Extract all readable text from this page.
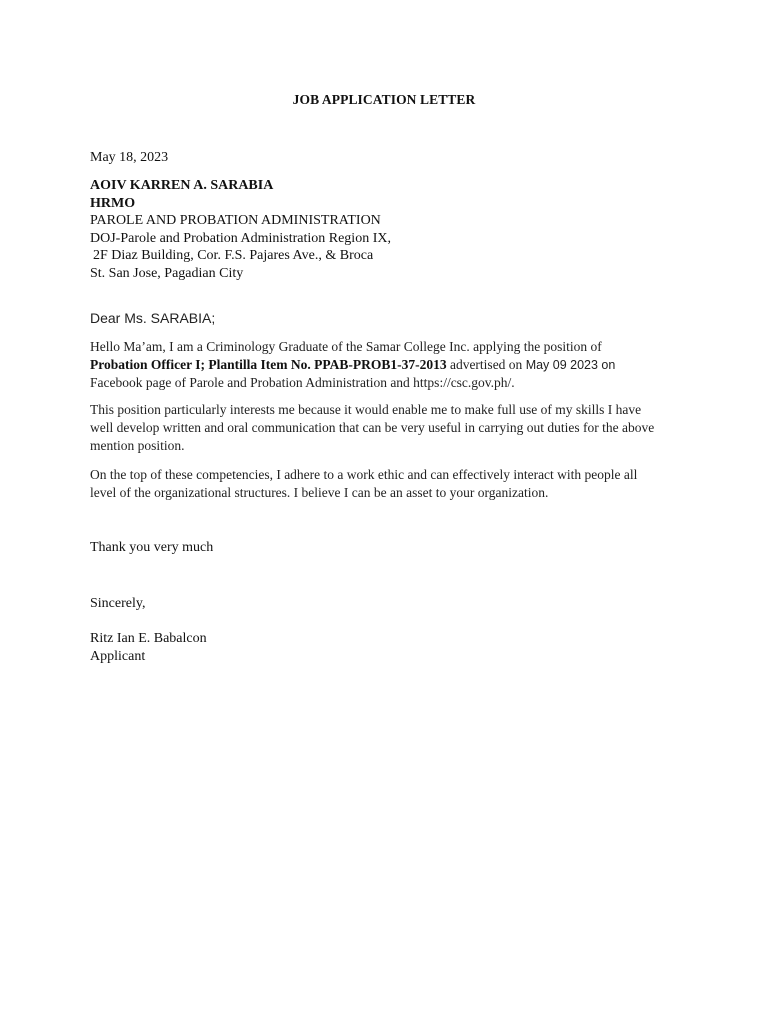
JOB APPLICATION LETTER
May 18, 2023
AOIV KARREN A. SARABIA
HRMO
PAROLE AND PROBATION ADMINISTRATION
DOJ-Parole and Probation Administration Region IX,
2F Diaz Building, Cor. F.S. Pajares Ave., & Broca
St. San Jose, Pagadian City
Dear Ms. SARABIA;
Hello Ma’am, I am a Criminology Graduate of the Samar College Inc. applying the position of
Probation Officer I; Plantilla Item No. PPAB-PROB1-37-2013 advertised on May 09 2023 on
Facebook page of Parole and Probation Administration and https://csc.gov.ph/.
This position particularly interests me because it would enable me to make full use of my skills I have
well develop written and oral communication that can be very useful in carrying out duties for the above
mention position.
On the top of these competencies, I adhere to a work ethic and can effectively interact with people all
level of the organizational structures. I believe I can be an asset to your organization.
Thank you very much
Sincerely,
Ritz Ian E. Babalcon
Applicant
